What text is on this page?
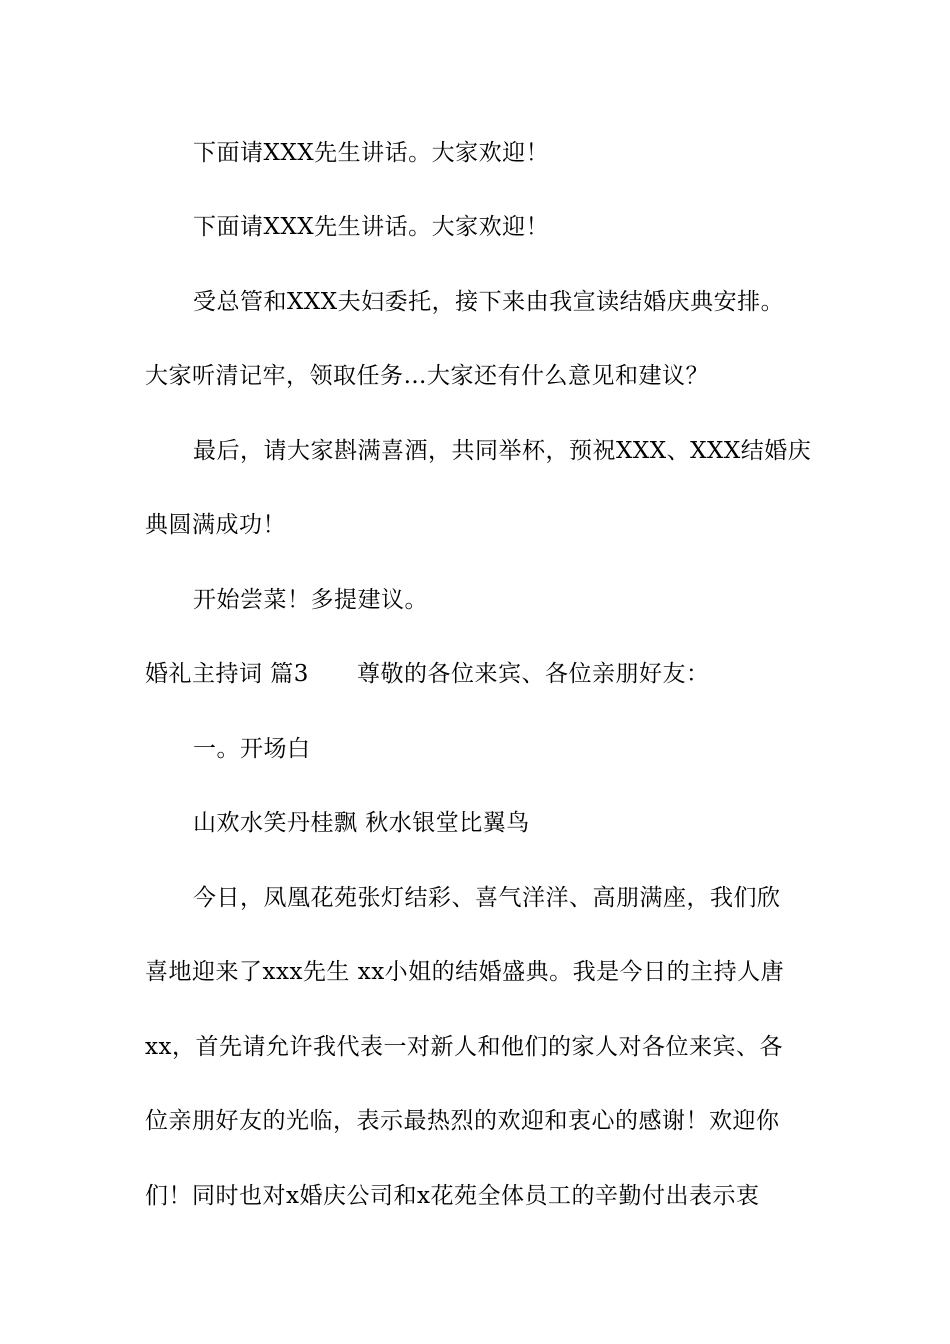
下面请XXX先生讲话。大家欢迎！
下面请XXX先生讲话。大家欢迎！
受总管和XXX夫妇委托，接下来由我宣读结婚庆典安排。
大家听清记牢，领取任务…大家还有什么意见和建议？
最后，请大家斟满喜酒，共同举杯，预祝XXX、XXX结婚庆
典圆满成功！
开始尝菜！多提建议。
婚礼主持词 篇3 尊敬的各位来宾、各位亲朋好友：
一。开场白
山欢水笑丹桂飘 秋水银堂比翼鸟
今日，凤凰花苑张灯结彩、喜气洋洋、高朋满座，我们欣
喜地迎来了xxx先生 xx小姐的结婚盛典。我是今日的主持人唐
xx，首先请允许我代表一对新人和他们的家人对各位来宾、各
位亲朋好友的光临，表示最热烈的欢迎和衷心的感谢！欢迎你
们！同时也对x婚庆公司和x花苑全体员工的辛勤付出表示衷
